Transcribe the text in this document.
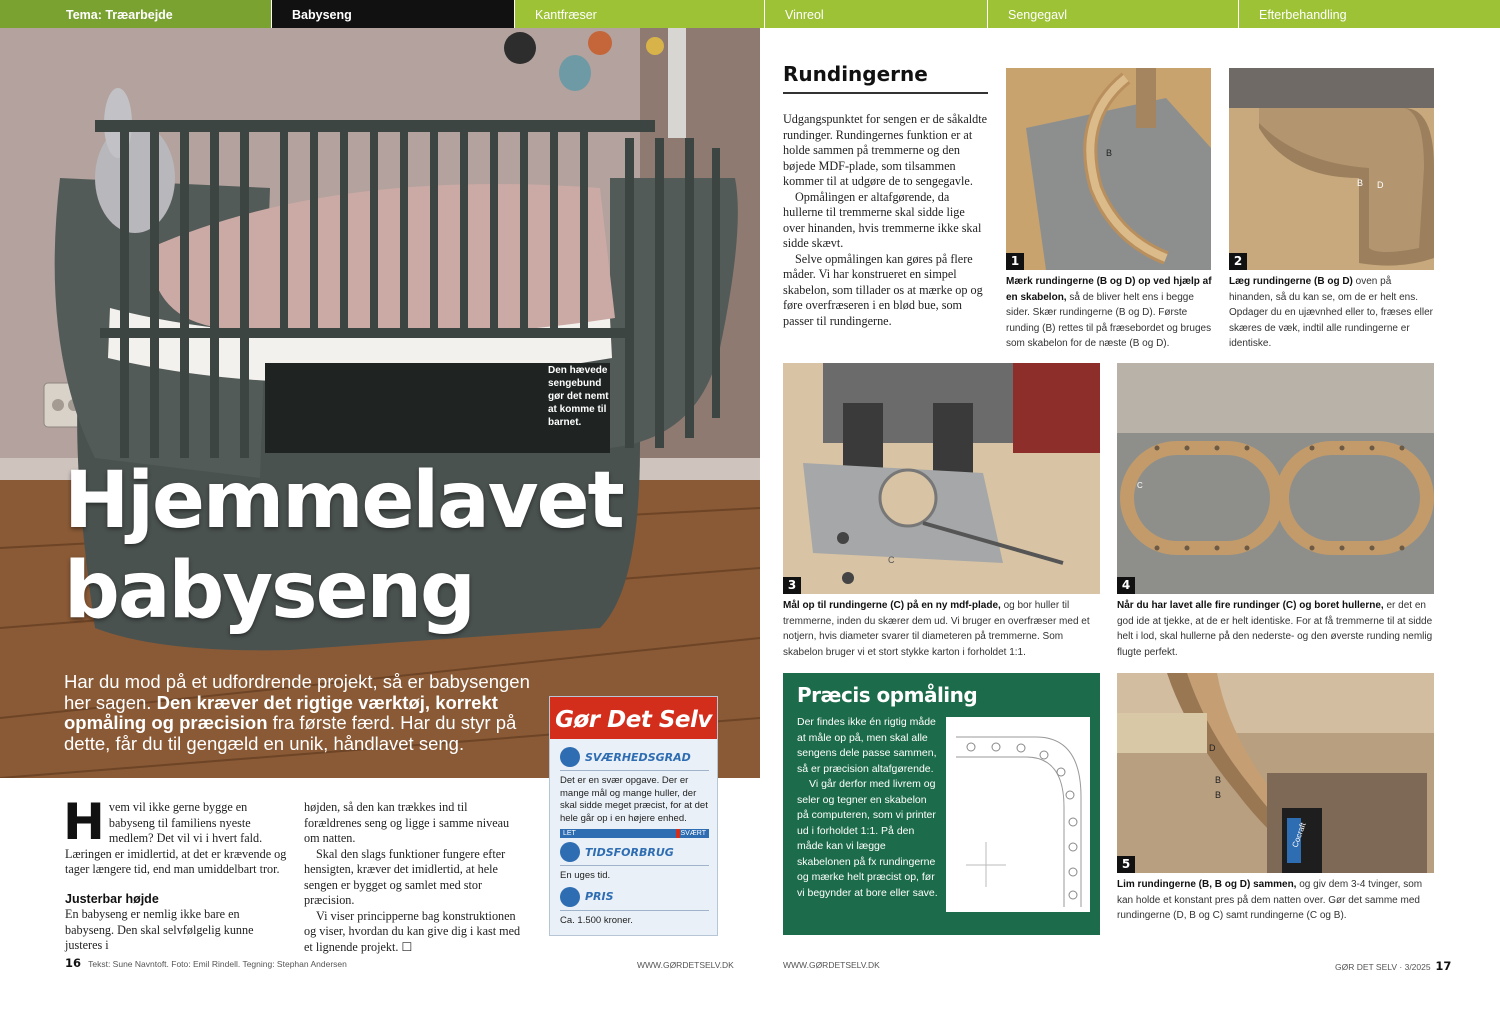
Tema: Træarbejde	Babyseng	Kantfræser	Vinreol	Sengegavl	Efterbehandling
Den hævede sengebund gør det nemt at komme til barnet.
Hjemmelavet
babyseng
Har du mod på et udfordrende projekt, så er babysengen her sagen. Den kræver det rigtige værktøj, korrekt opmåling og præcision fra første færd. Har du styr på dette, får du til gengæld en unik, håndlavet seng.
Gør Det Selv
SVÆRHEDSGRAD
Det er en svær opgave. Der er mange mål og mange huller, der skal sidde meget præcist, for at det hele går op i en højere enhed.
LET	SVÆRT
TIDSFORBRUG
En uges tid.
PRIS
Ca. 1.500 kroner.
H vem vil ikke gerne bygge en babyseng til familiens nyeste medlem? Det vil vi i hvert fald. Læringen er imidlertid, at det er krævende og tager længere tid, end man umiddelbart tror.
Justerbar højde
En babyseng er nemlig ikke bare en babyseng. Den skal selvfølgelig kunne justeres i
højden, så den kan trækkes ind til forældrenes seng og ligge i samme niveau om natten.
Skal den slags funktioner fungere efter hensigten, kræver det imidlertid, at hele sengen er bygget og samlet med stor præcision.
Vi viser principperne bag konstruktionen og viser, hvordan du kan give dig i kast med et lignende projekt. ☐
16 Tekst: Sune Navntoft. Foto: Emil Rindell. Tegning: Stephan Andersen	WWW.GØRDETSELV.DK	WWW.GØRDETSELV.DK	GØR DET SELV · 3/2025 17
Rundingerne
Udgangspunktet for sengen er de såkaldte rundinger. Rundingernes funktion er at holde sammen på tremmerne og den bøjede MDF-plade, som tilsammen kommer til at udgøre de to sengegavle.
Opmålingen er altafgørende, da hullerne til tremmerne skal sidde lige over hinanden, hvis tremmerne ikke skal sidde skævt.
Selve opmålingen kan gøres på flere måder. Vi har konstrueret en simpel skabelon, som tillader os at mærke op og føre overfræseren i en blød bue, som passer til rundingerne.
B
1
Mærk rundingerne (B og D) op ved hjælp af en skabelon, så de bliver helt ens i begge sider. Skær rundingerne (B og D). Første runding (B) rettes til på fræsebordet og bruges som skabelon for de næste (B og D).
B D
2
Læg rundingerne (B og D) oven på hinanden, så du kan se, om de er helt ens. Opdager du en ujævnhed eller to, fræses eller skæres de væk, indtil alle rundingerne er identiske.
C
3
Mål op til rundingerne (C) på en ny mdf-plade, og bor huller til tremmerne, inden du skærer dem ud. Vi bruger en overfræser med et notjern, hvis diameter svarer til diameteren på tremmerne. Som skabelon bruger vi et stort stykke karton i forholdet 1:1.
C
4
Når du har lavet alle fire rundinger (C) og boret hullerne, er det en god ide at tjekke, at de er helt identiske. For at få tremmerne til at sidde helt i lod, skal hullerne på den nederste- og den øverste runding nemlig flugte perfekt.
Præcis opmåling
Der findes ikke én rigtig måde at måle op på, men skal alle sengens dele passe sammen, så er præcision altafgørende.
Vi går derfor med livrem og seler og tegner en skabelon på computeren, som vi printer ud i forholdet 1:1. På den måde kan vi lægge skabelonen på fx rundingerne og mærke helt præcist op, før vi begynder at bore eller save.
D
B
B
Cocraft
5
Lim rundingerne (B, B og D) sammen, og giv dem 3-4 tvinger, som kan holde et konstant pres på dem natten over. Gør det samme med rundingerne (D, B og C) samt rundingerne (C og B).
